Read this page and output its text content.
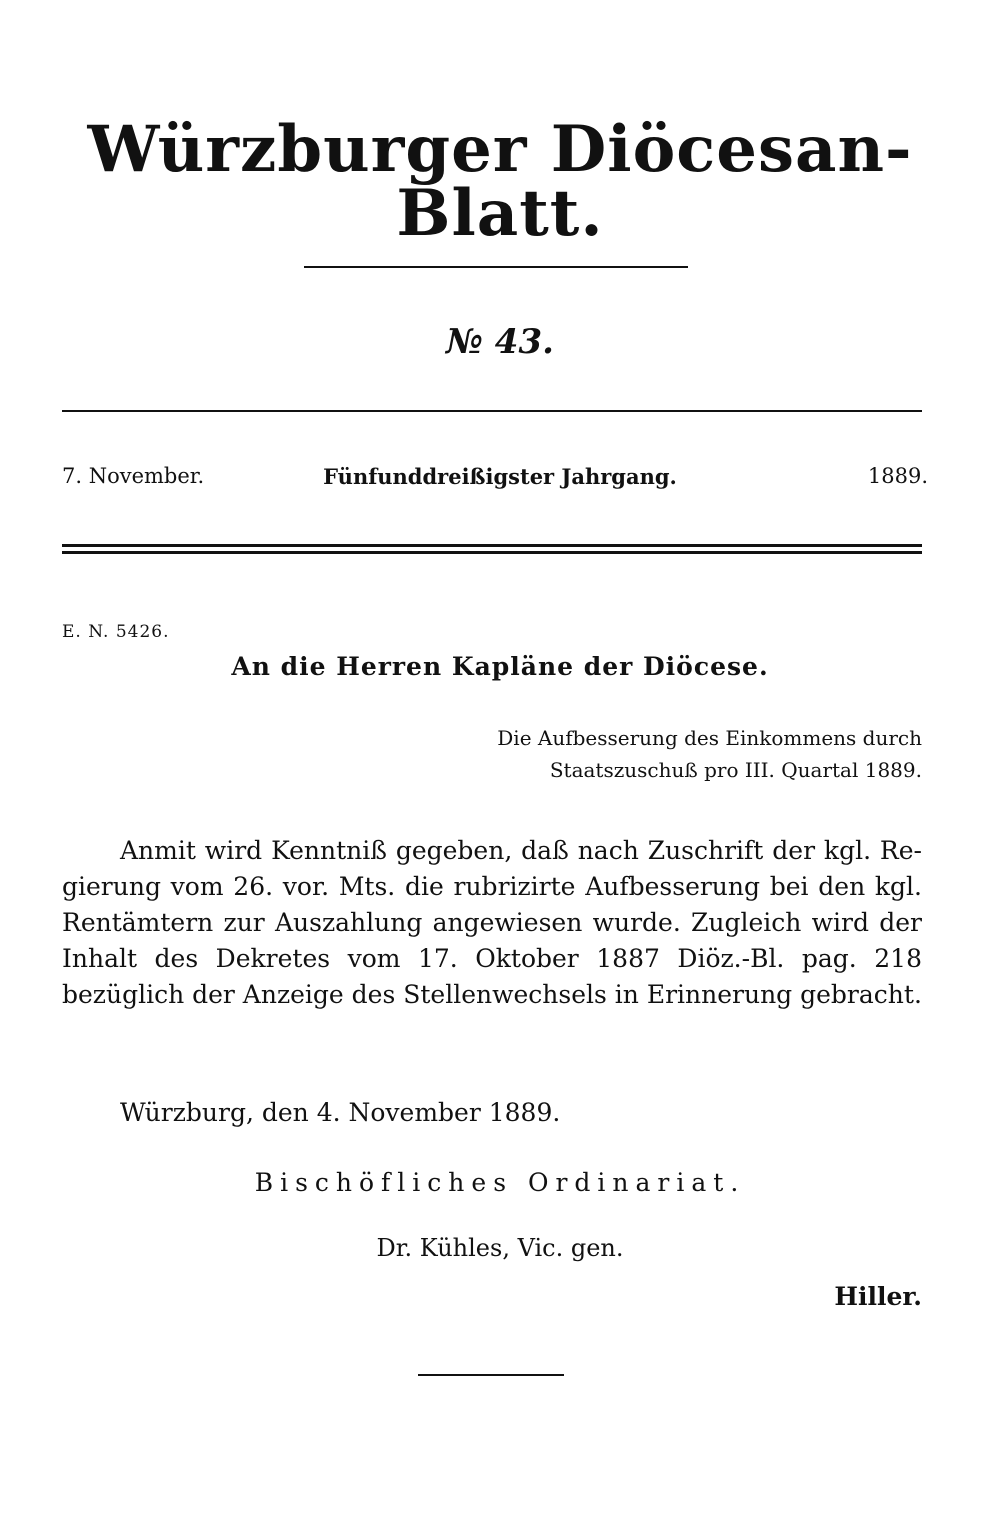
Würzburger Diöcesan-Blatt.
№ 43.
7. November.	Fünfunddreißigster Jahrgang.	1889.
E. N. 5426.
An die Herren Kapläne der Diöcese.
Die Aufbesserung des Einkommens durch
Staatszuschuß pro III. Quartal 1889.
Anmit wird Kenntniß gegeben, daß nach Zuschrift der kgl. Re-
gierung vom 26. vor. Mts. die rubrizirte Aufbesserung bei den kgl.
Rentämtern zur Auszahlung angewiesen wurde. Zugleich wird der
Inhalt des Dekretes vom 17. Oktober 1887 Diöz.-Bl. pag. 218
bezüglich der Anzeige des Stellenwechsels in Erinnerung gebracht.
Würzburg, den 4. November 1889.
Bischöfliches Ordinariat.
Dr. Kühles, Vic. gen.
Hiller.
